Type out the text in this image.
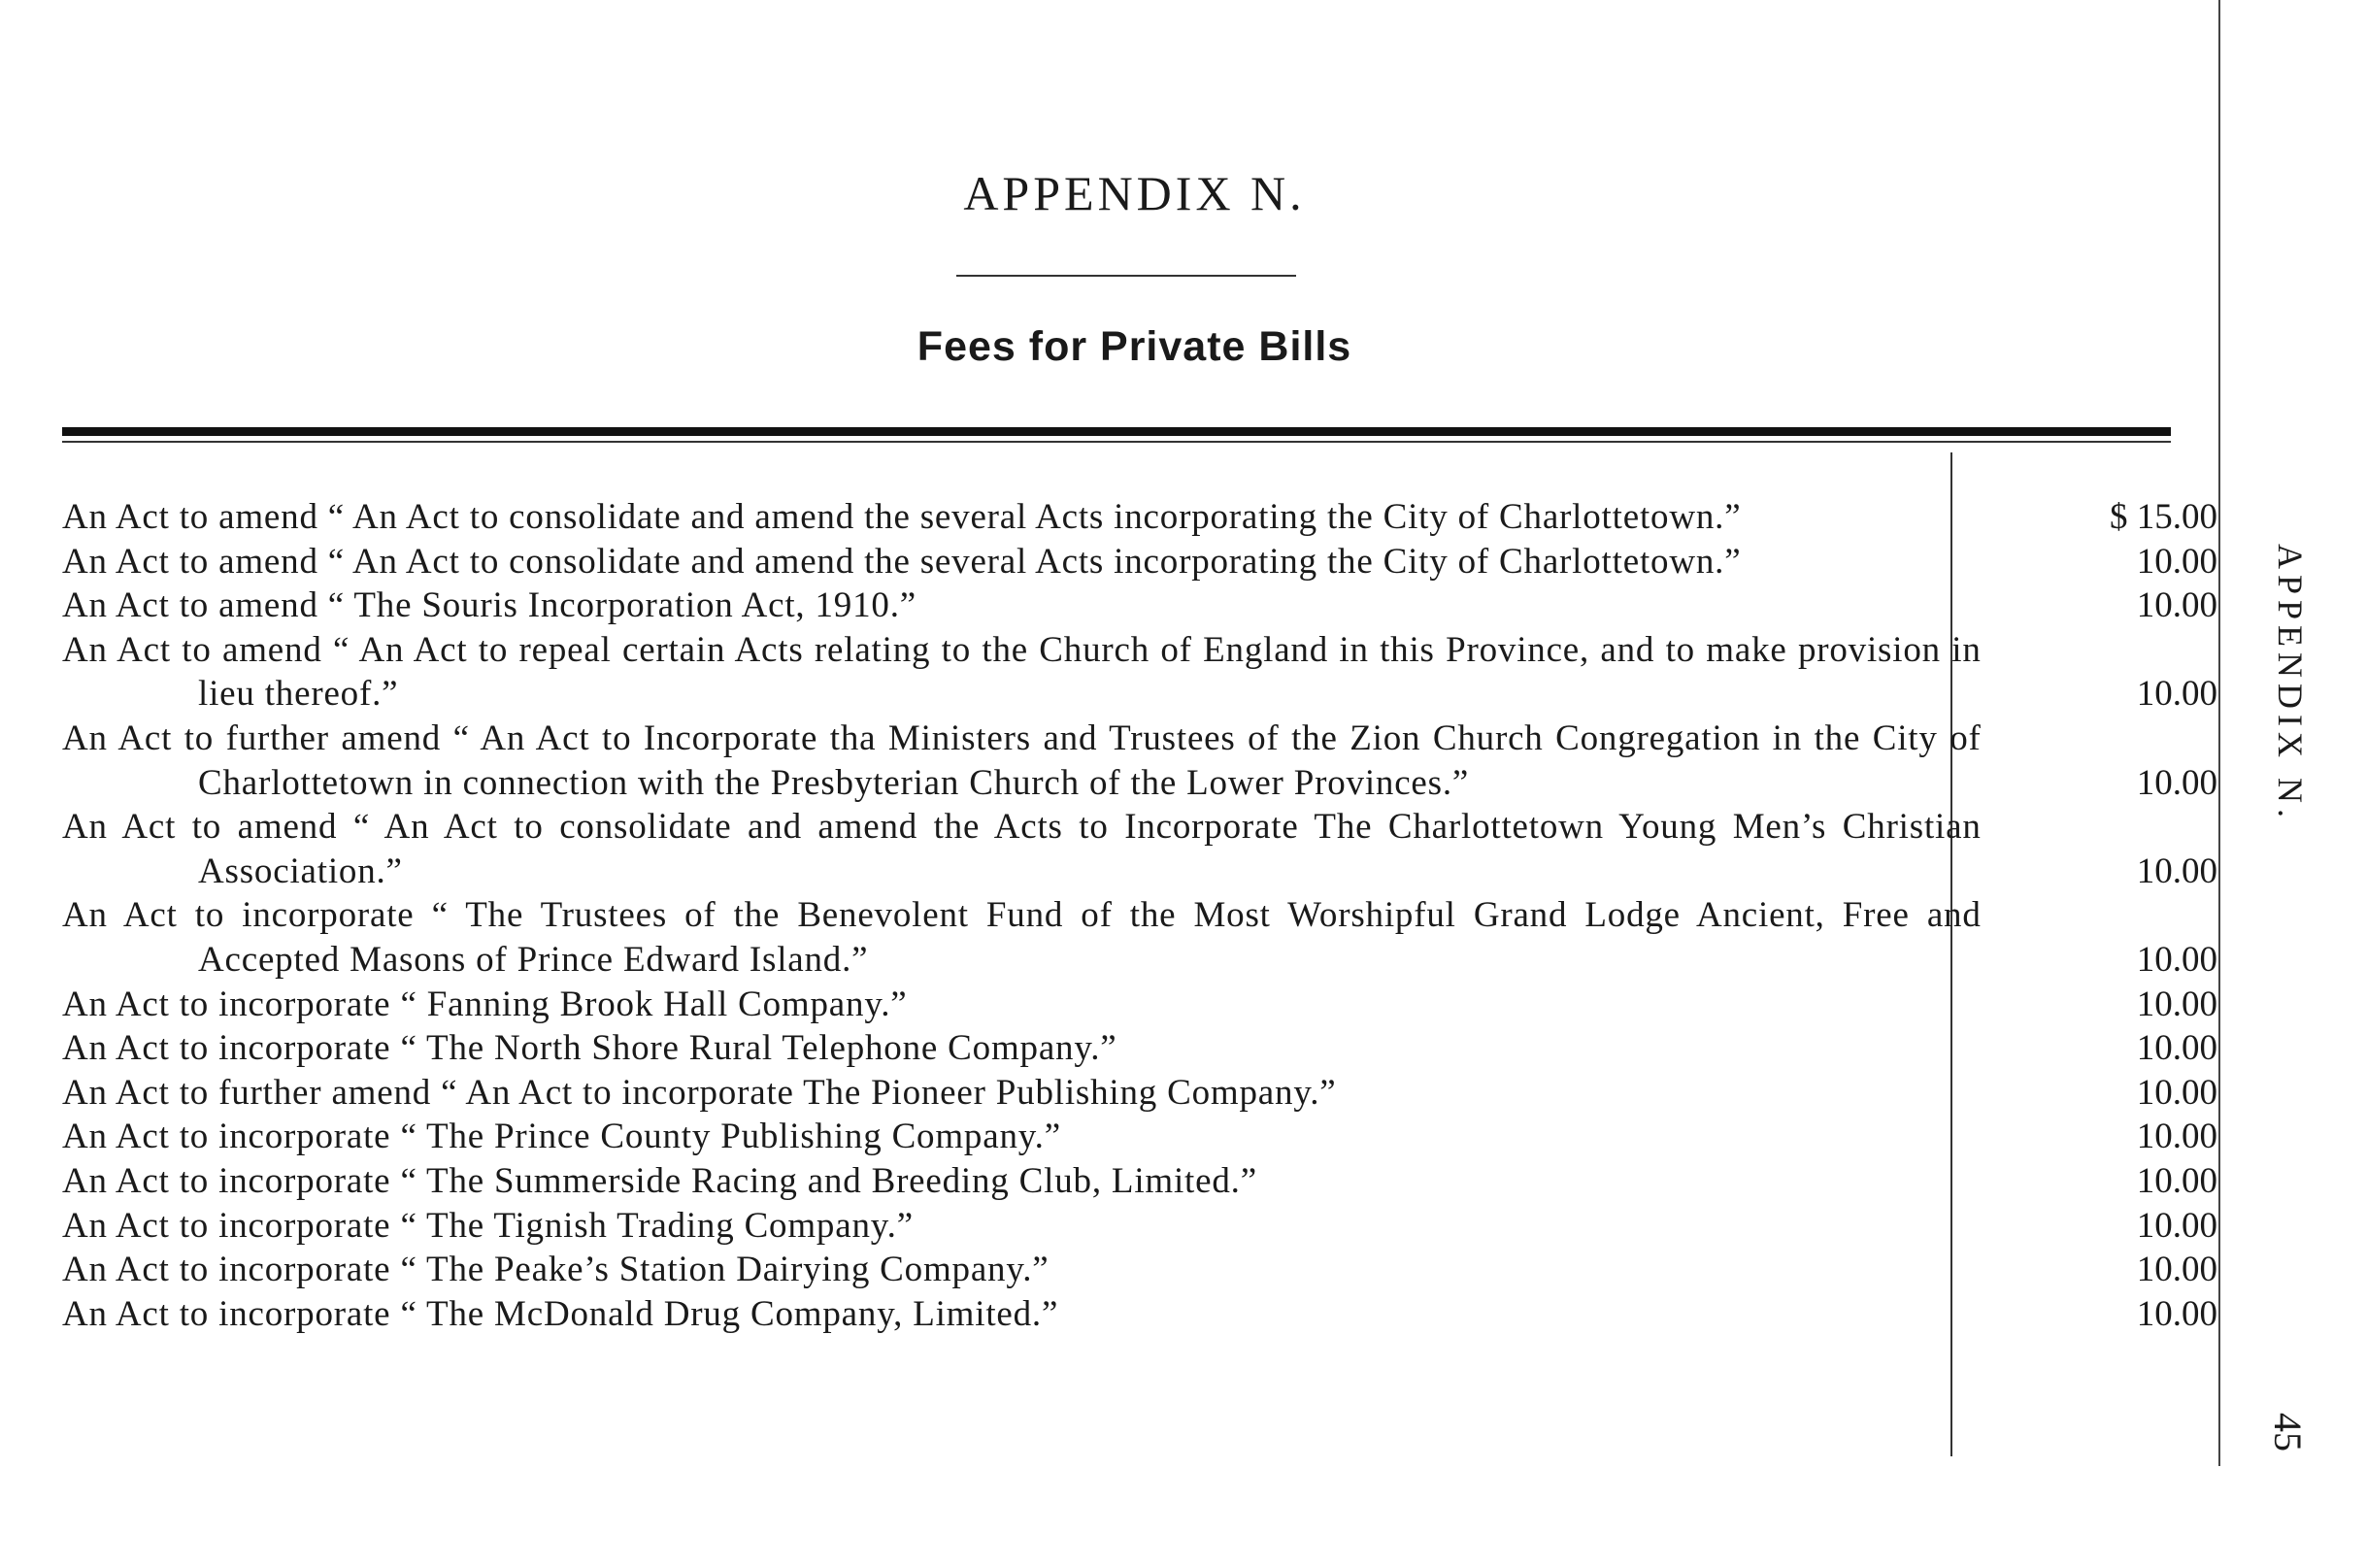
APPENDIX N.
Fees for Private Bills
APPENDIX N.
45
An Act to amend “ An Act to consolidate and amend the several Acts incorporating the City of Charlottetown.”	$ 15.00
An Act to amend “ An Act to consolidate and amend the several Acts incorporating the City of Charlottetown.”	10.00
An Act to amend “ The Souris Incorporation Act, 1910.”	10.00
An Act to amend “ An Act to repeal certain Acts relating to the Church of England in this Province, and to make provision in lieu thereof.”	10.00
An Act to further amend “ An Act to Incorporate tha Ministers and Trustees of the Zion Church Congregation in the City of Charlottetown in connection with the Presbyterian Church of the Lower Provinces.”	10.00
An Act to amend “ An Act to consolidate and amend the Acts to Incorporate The Charlottetown Young Men’s Christian Association.”	10.00
An Act to incorporate “ The Trustees of the Benevolent Fund of the Most Worshipful Grand Lodge Ancient, Free and Accepted Masons of Prince Edward Island.”	10.00
An Act to incorporate “ Fanning Brook Hall Company.”	10.00
An Act to incorporate “ The North Shore Rural Telephone Company.”	10.00
An Act to further amend “ An Act to incorporate The Pioneer Publishing Company.”	10.00
An Act to incorporate “ The Prince County Publishing Company.”	10.00
An Act to incorporate “ The Summerside Racing and Breeding Club, Limited.”	10.00
An Act to incorporate “ The Tignish Trading Company.”	10.00
An Act to incorporate “ The Peake’s Station Dairying Company.”	10.00
An Act to incorporate “ The McDonald Drug Company, Limited.”	10.00
